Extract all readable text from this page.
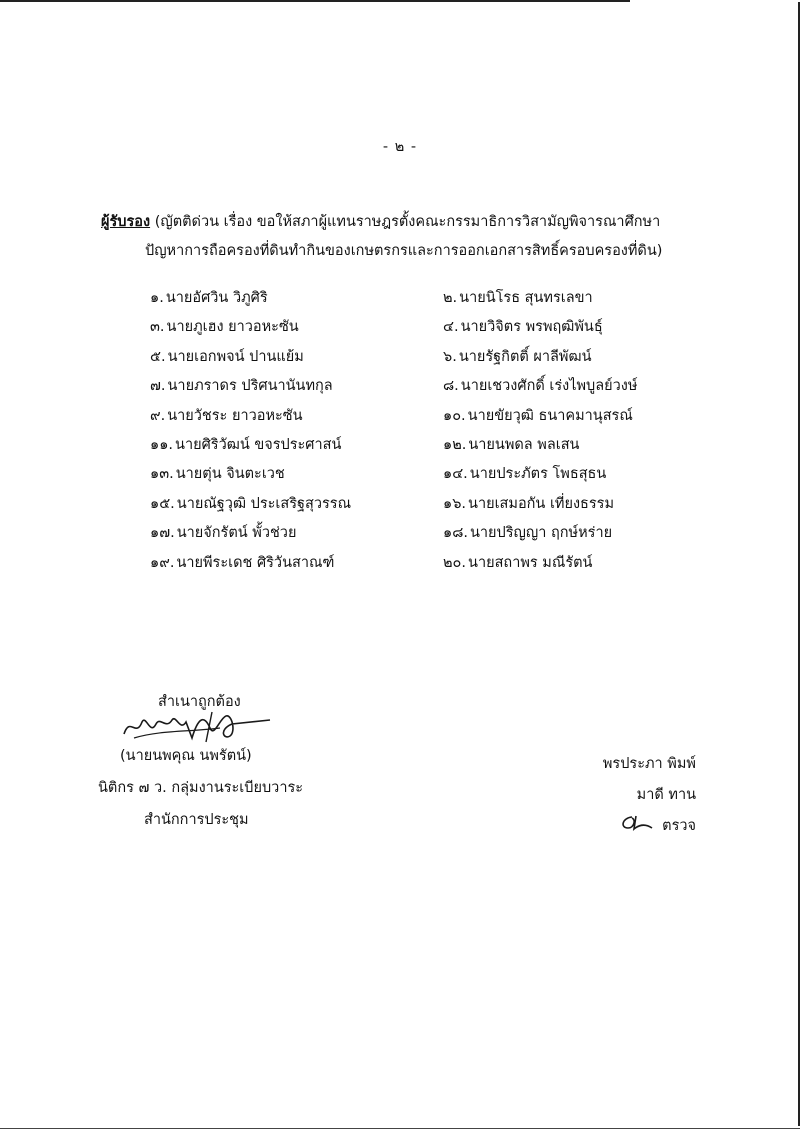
- ๒ -
ผู้รับรอง (ญัตติด่วน เรื่อง ขอให้สภาผู้แทนราษฎรตั้งคณะกรรมาธิการวิสามัญพิจารณาศึกษา
ปัญหาการถือครองที่ดินทำกินของเกษตรกรและการออกเอกสารสิทธิ์ครอบครองที่ดิน)
๑. นายอัศวิน วิภูศิริ	๒. นายนิโรธ สุนทรเลขา
๓. นายภูเฮง ยาวอหะซัน	๔. นายวิจิตร พรพฤฒิพันธุ์
๕. นายเอกพจน์ ปานแย้ม	๖. นายรัฐกิตติ์ ผาลีพัฒน์
๗. นายภราดร ปริศนานันทกุล	๘. นายเชวงศักดิ์ เร่งไพบูลย์วงษ์
๙. นายวัชระ ยาวอหะซัน	๑๐. นายขัยวุฒิ ธนาคมานุสรณ์
๑๑. นายศิริวัฒน์ ขจรประศาสน์	๑๒. นายนพดล พลเสน
๑๓. นายตุ่น จินตะเวช	๑๔. นายประภัตร โพธสุธน
๑๕. นายณัฐวุฒิ ประเสริฐสุวรรณ	๑๖. นายเสมอกัน เที่ยงธรรม
๑๗. นายจักรัตน์ พั้วช่วย	๑๘. นายปริญญา ฤกษ์หร่าย
๑๙. นายพีระเดช ศิริวันสาณฑ์	๒๐. นายสถาพร มณีรัตน์
สำเนาถูกต้อง
(นายนพคุณ นพรัตน์)
นิติกร ๗ ว. กลุ่มงานระเบียบวาระ
สำนักการประชุม
พรประภา พิมพ์
มาดี ทาน
ตรวจ
